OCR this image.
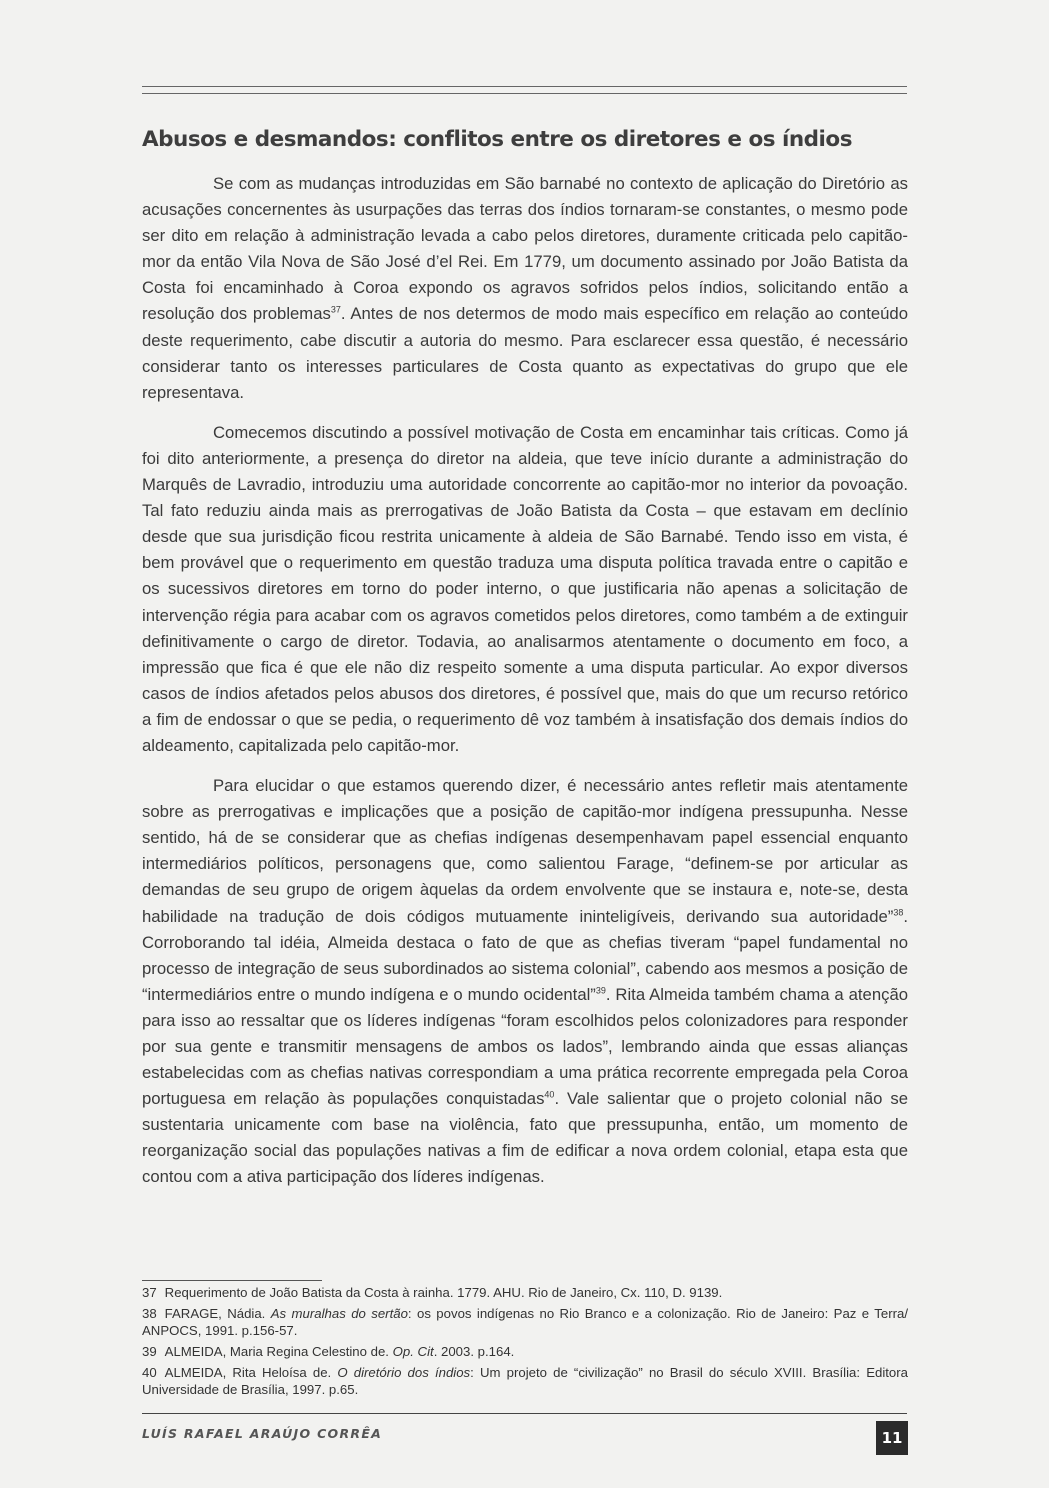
Abusos e desmandos: conflitos entre os diretores e os índios

Se com as mudanças introduzidas em São barnabé no contexto de aplicação do Diretório as acusações concernentes às usurpações das terras dos índios tornaram-se constantes, o mesmo pode ser dito em relação à administração levada a cabo pelos diretores, duramente criticada pelo capitão-mor da então Vila Nova de São José d’el Rei. Em 1779, um documento assinado por João Batista da Costa foi encaminhado à Coroa expondo os agravos sofridos pelos índios, solicitando então a resolução dos problemas$^{37}$. Antes de nos determos de modo mais específico em relação ao conteúdo deste requerimento, cabe discutir a autoria do mesmo. Para esclarecer essa questão, é necessário considerar tanto os interesses particulares de Costa quanto as expectativas do grupo que ele representava.

Comecemos discutindo a possível motivação de Costa em encaminhar tais críticas. Como já foi dito anteriormente, a presença do diretor na aldeia, que teve início durante a administração do Marquês de Lavradio, introduziu uma autoridade concorrente ao capitão-mor no interior da povoação. Tal fato reduziu ainda mais as prerrogativas de João Batista da Costa – que estavam em declínio desde que sua jurisdição ficou restrita unicamente à aldeia de São Barnabé. Tendo isso em vista, é bem provável que o requerimento em questão traduza uma disputa política travada entre o capitão e os sucessivos diretores em torno do poder interno, o que justificaria não apenas a solicitação de intervenção régia para acabar com os agravos cometidos pelos diretores, como também a de extinguir definitivamente o cargo de diretor. Todavia, ao analisarmos atentamente o documento em foco, a impressão que fica é que ele não diz respeito somente a uma disputa particular. Ao expor diversos casos de índios afetados pelos abusos dos diretores, é possível que, mais do que um recurso retórico a fim de endossar o que se pedia, o requerimento dê voz também à insatisfação dos demais índios do aldeamento, capitalizada pelo capitão-mor.

Para elucidar o que estamos querendo dizer, é necessário antes refletir mais atentamente sobre as prerrogativas e implicações que a posição de capitão-mor indígena pressupunha. Nesse sentido, há de se considerar que as chefias indígenas desempenhavam papel essencial enquanto intermediários políticos, personagens que, como salientou Farage, “definem-se por articular as demandas de seu grupo de origem àquelas da ordem envolvente que se instaura e, note-se, desta habilidade na tradução de dois códigos mutuamente ininteligíveis, derivando sua autoridade”$^{38}$. Corroborando tal idéia, Almeida destaca o fato de que as chefias tiveram “papel fundamental no processo de integração de seus subordinados ao sistema colonial”, cabendo aos mesmos a posição de “intermediários entre o mundo indígena e o mundo ocidental”$^{39}$. Rita Almeida também chama a atenção para isso ao ressaltar que os líderes indígenas “foram escolhidos pelos colonizadores para responder por sua gente e transmitir mensagens de ambos os lados”, lembrando ainda que essas alianças estabelecidas com as chefias nativas correspondiam a uma prática recorrente empregada pela Coroa portuguesa em relação às populações conquistadas$^{40}$. Vale salientar que o projeto colonial não se sustentaria unicamente com base na violência, fato que pressupunha, então, um momento de reorganização social das populações nativas a fim de edificar a nova ordem colonial, etapa esta que contou com a ativa participação dos líderes indígenas.

37 Requerimento de João Batista da Costa à rainha. 1779. AHU. Rio de Janeiro, Cx. 110, D. 9139.

38 FARAGE, Nádia. As muralhas do sertão: os povos indígenas no Rio Branco e a colonização. Rio de Janeiro: Paz e Terra/ ANPOCS, 1991. p.156-57.

39 ALMEIDA, Maria Regina Celestino de. Op. Cit. 2003. p.164.

40 ALMEIDA, Rita Heloísa de. O diretório dos índios: Um projeto de “civilização” no Brasil do século XVIII. Brasília: Editora Universidade de Brasília, 1997. p.65.

LUÍS RAFAEL ARAÚJO CORRÊA	11
